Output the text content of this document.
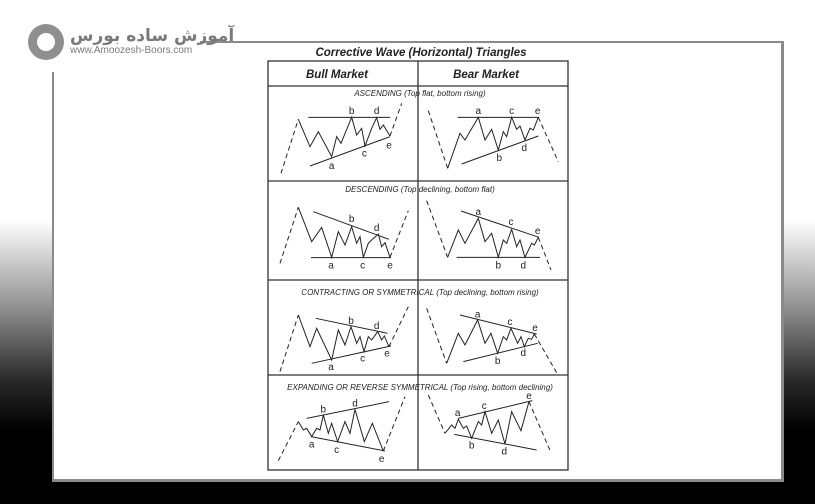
آموزش ساده بورس
www.Amoozesh-Boors.com	Corrective Wave (Horizontal) Triangles
Bull Market	Bear Market
ASCENDING (Top flat, bottom rising)
DESCENDING (Top declining, bottom flat)
CONTRACTING OR SYMMETRICAL (Top declining, bottom rising)
EXPANDING OR REVERSE SYMMETRICAL (Top rising, bottom declining)
a
b
c
d
e
a
b
c
d
e
a
b
c
d
e
a
b
c
d
e
a
b
c
d
e
a
b
c
d
e
a
b
c
d
e
a
b
c
d
e
